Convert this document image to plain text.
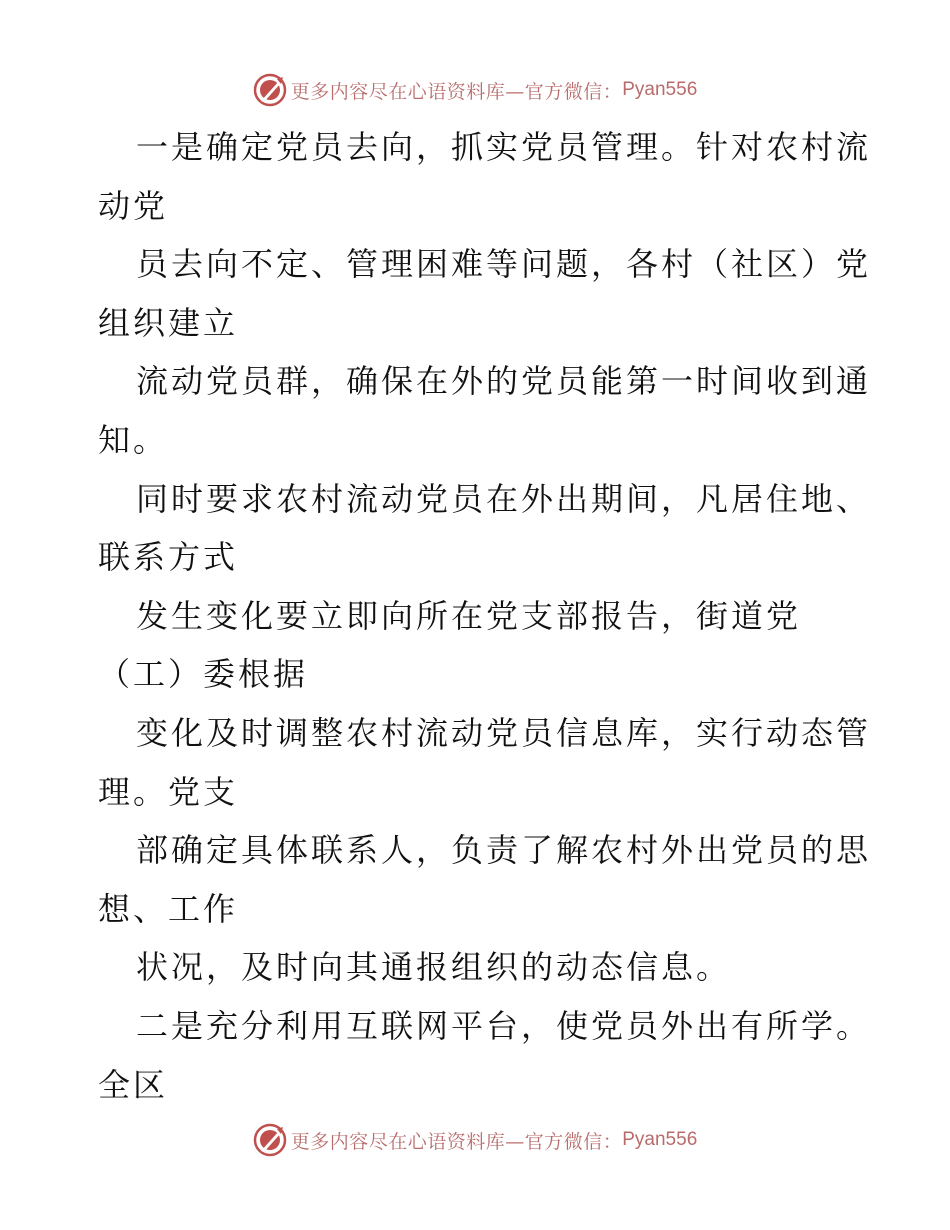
更多内容尽在心语资料库—官方微信： Pyan556
一是确定党员去向，抓实党员管理。针对农村流
动党
员去向不定、管理困难等问题，各村（社区）党
组织建立
流动党员群，确保在外的党员能第一时间收到通
知。
同时要求农村流动党员在外出期间，凡居住地、
联系方式
发生变化要立即向所在党支部报告，街道党
（工）委根据
变化及时调整农村流动党员信息库，实行动态管
理。党支
部确定具体联系人，负责了解农村外出党员的思
想、工作
状况，及时向其通报组织的动态信息。
二是充分利用互联网平台，使党员外出有所学。
全区
更多内容尽在心语资料库—官方微信： Pyan556
